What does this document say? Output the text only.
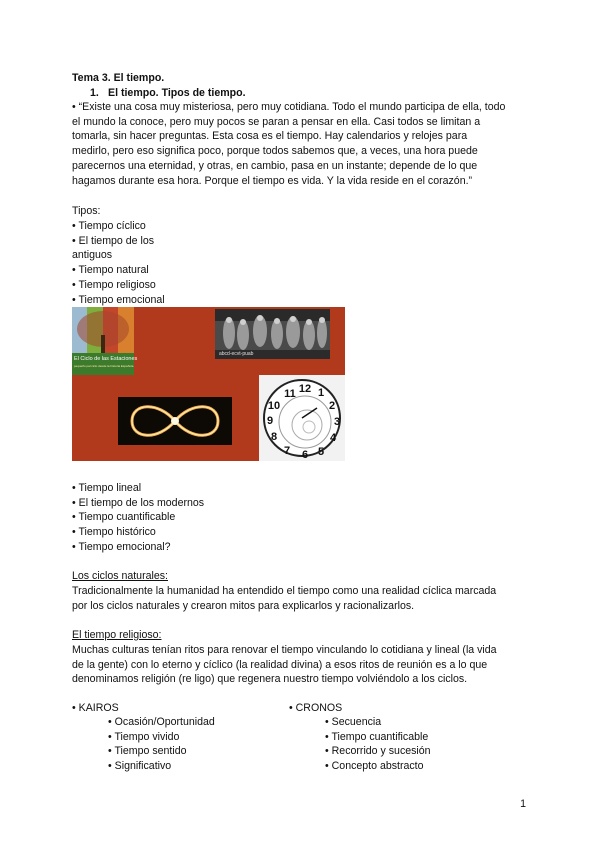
Tema 3. El tiempo.
1. El tiempo. Tipos de tiempo.
• “Existe una cosa muy misteriosa, pero muy cotidiana. Todo el mundo participa de ella, todo
el mundo la conoce, pero muy pocos se paran a pensar en ella. Casi todos se limitan a
tomarla, sin hacer preguntas. Esta cosa es el tiempo. Hay calendarios y relojes para
medirlo, pero eso significa poco, porque todos sabemos que, a veces, una hora puede
parecernos una eternidad, y otras, en cambio, pasa en un instante; depende de lo que
hagamos durante esa hora. Porque el tiempo es vida. Y la vida reside en el corazón.”
Tipos:
• Tiempo cíclico
• El tiempo de los
antiguos
• Tiempo natural
• Tiempo religioso
• Tiempo emocional
El Ciclo de las Estaciones
pequeño pal ciclo desde la historia Española
abcd-ecvt-puab
11 12 1
10	2
9	3
8	4
7 6 5
• Tiempo lineal
• El tiempo de los modernos
• Tiempo cuantificable
• Tiempo histórico
• Tiempo emocional?
Los ciclos naturales:
Tradicionalmente la humanidad ha entendido el tiempo como una realidad cíclica marcada
por los ciclos naturales y crearon mitos para explicarlos y racionalizarlos.
El tiempo religioso:
Muchas culturas tenían ritos para renovar el tiempo vinculando lo cotidiana y lineal (la vida
de la gente) con lo eterno y cíclico (la realidad divina) a esos ritos de reunión es a lo que
denominamos religión (re ligo) que regenera nuestro tiempo volviéndolo a los ciclos.
• KAIROS
• Ocasión/Oportunidad
• Tiempo vivido
• Tiempo sentido
• Significativo
• CRONOS
• Secuencia
• Tiempo cuantificable
• Recorrido y sucesión
• Concepto abstracto
1
